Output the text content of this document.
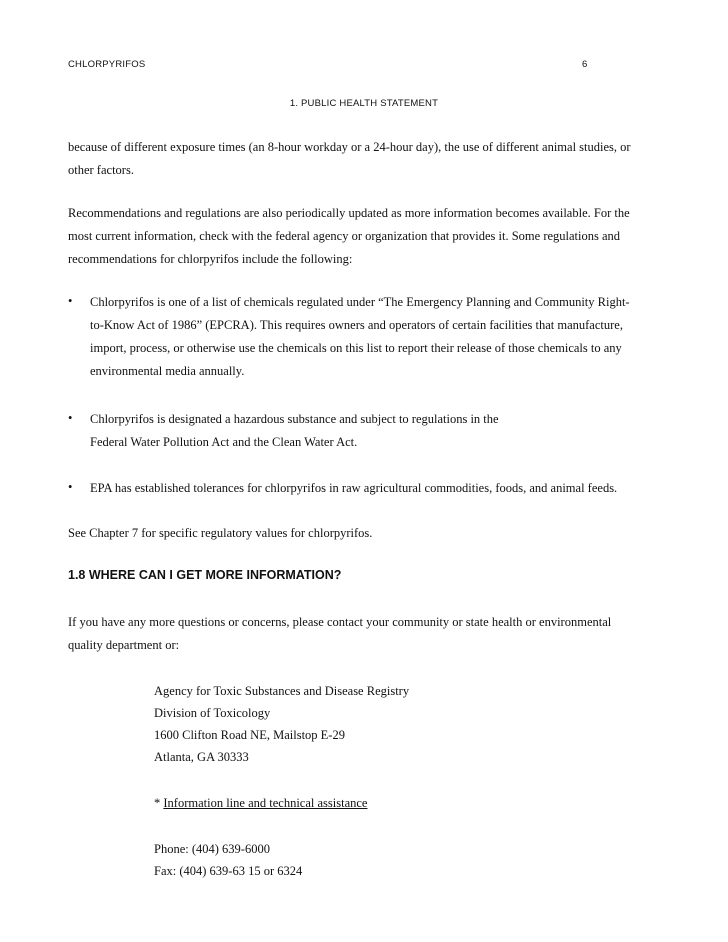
CHLORPYRIFOS	6
1. PUBLIC HEALTH STATEMENT
because of different exposure times (an 8-hour workday or a 24-hour day), the use of different animal studies, or
other factors.
Recommendations and regulations are also periodically updated as more information becomes available. For the
most current information, check with the federal agency or organization that provides it. Some regulations and
recommendations for chlorpyrifos include the following:
• Chlorpyrifos is one of a list of chemicals regulated under “The Emergency Planning and Community Right-
to-Know Act of 1986” (EPCRA). This requires owners and operators of certain facilities that manufacture,
import, process, or otherwise use the chemicals on this list to report their release of those chemicals to any
environmental media annually.
• Chlorpyrifos is designated a hazardous substance and subject to regulations in the
Federal Water Pollution Act and the Clean Water Act.
• EPA has established tolerances for chlorpyrifos in raw agricultural commodities, foods, and animal feeds.
See Chapter 7 for specific regulatory values for chlorpyrifos.
1.8 WHERE CAN I GET MORE INFORMATION?
If you have any more questions or concerns, please contact your community or state health or environmental
quality department or:
Agency for Toxic Substances and Disease Registry
Division of Toxicology
1600 Clifton Road NE, Mailstop E-29
Atlanta, GA 30333
* Information line and technical assistance
Phone: (404) 639-6000
Fax: (404) 639-63 15 or 6324
